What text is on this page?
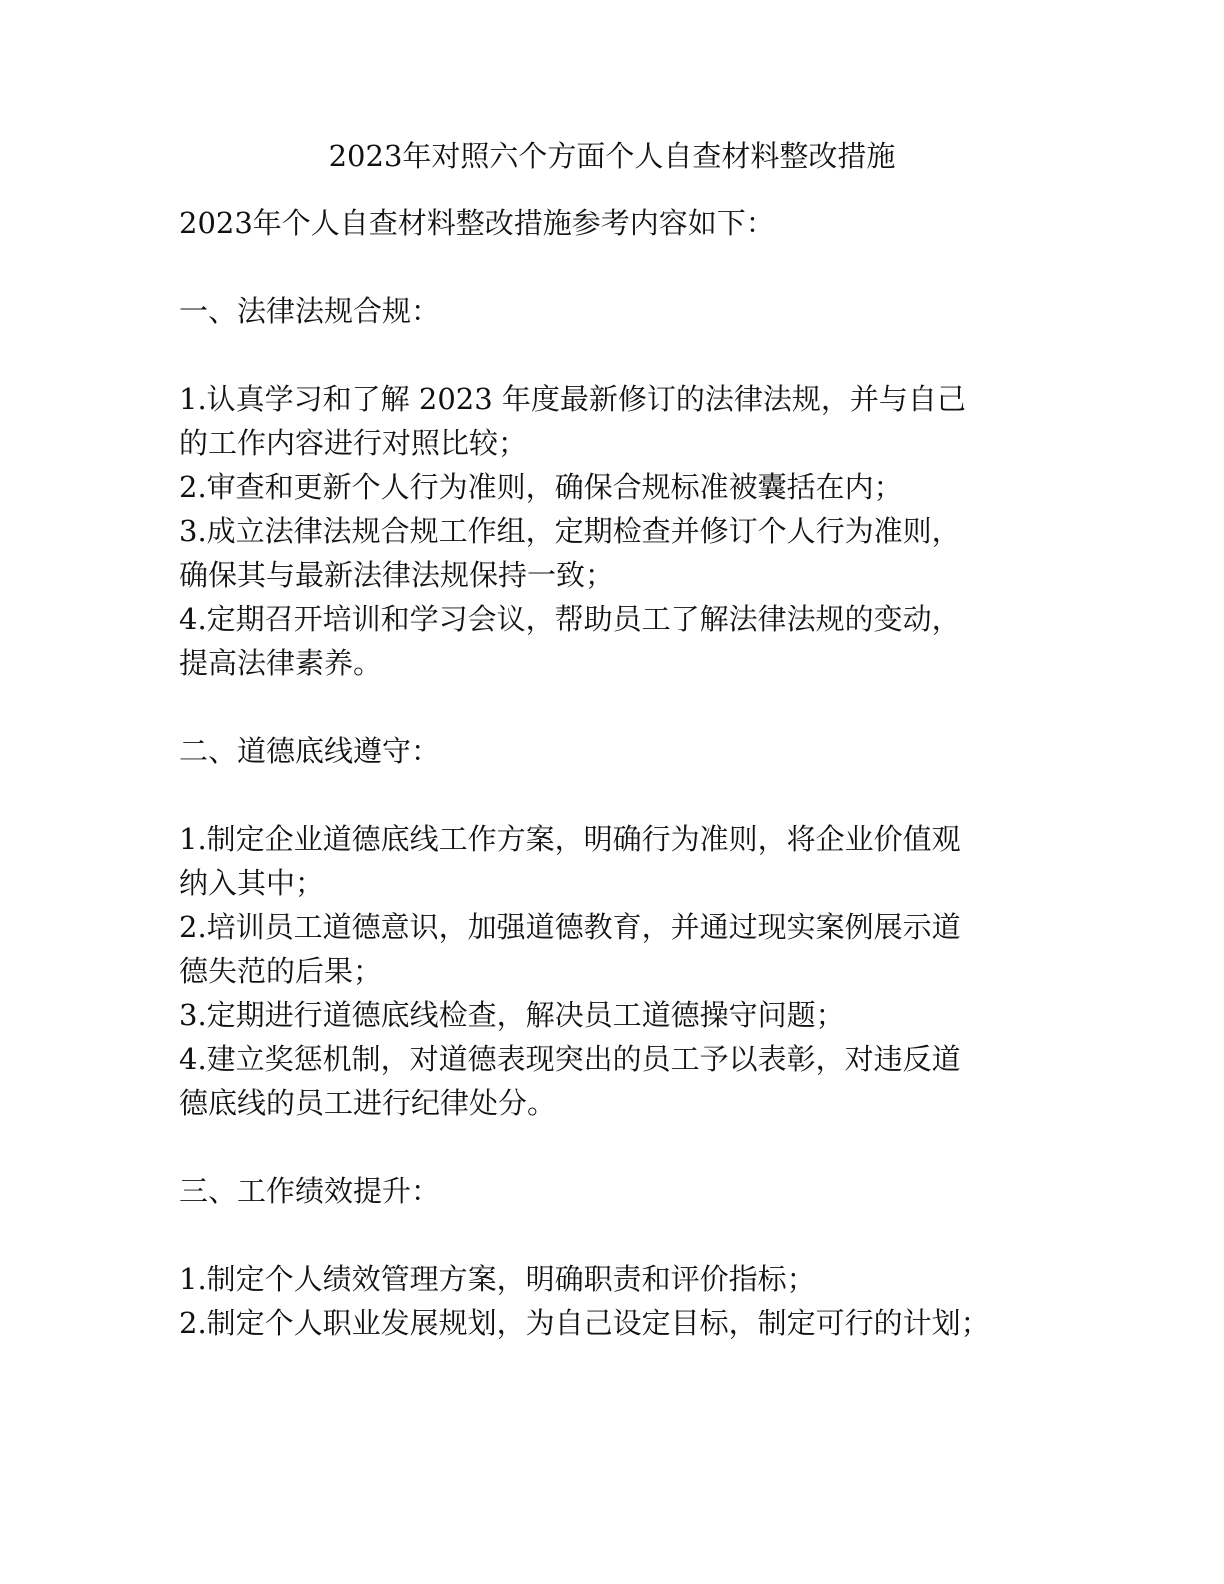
2023年对照六个方面个人自查材料整改措施

2023年个人自查材料整改措施参考内容如下：

一、法律法规合规：

1.认真学习和了解 2023 年度最新修订的法律法规，并与自己

的工作内容进行对照比较；

2.审查和更新个人行为准则，确保合规标准被囊括在内；

3.成立法律法规合规工作组，定期检查并修订个人行为准则，

确保其与最新法律法规保持一致；

4.定期召开培训和学习会议，帮助员工了解法律法规的变动，

提高法律素养。

二、道德底线遵守：

1.制定企业道德底线工作方案，明确行为准则，将企业价值观

纳入其中；

2.培训员工道德意识，加强道德教育，并通过现实案例展示道

德失范的后果；

3.定期进行道德底线检查，解决员工道德操守问题；

4.建立奖惩机制，对道德表现突出的员工予以表彰，对违反道

德底线的员工进行纪律处分。

三、工作绩效提升：

1.制定个人绩效管理方案，明确职责和评价指标；

2.制定个人职业发展规划，为自己设定目标，制定可行的计划；
